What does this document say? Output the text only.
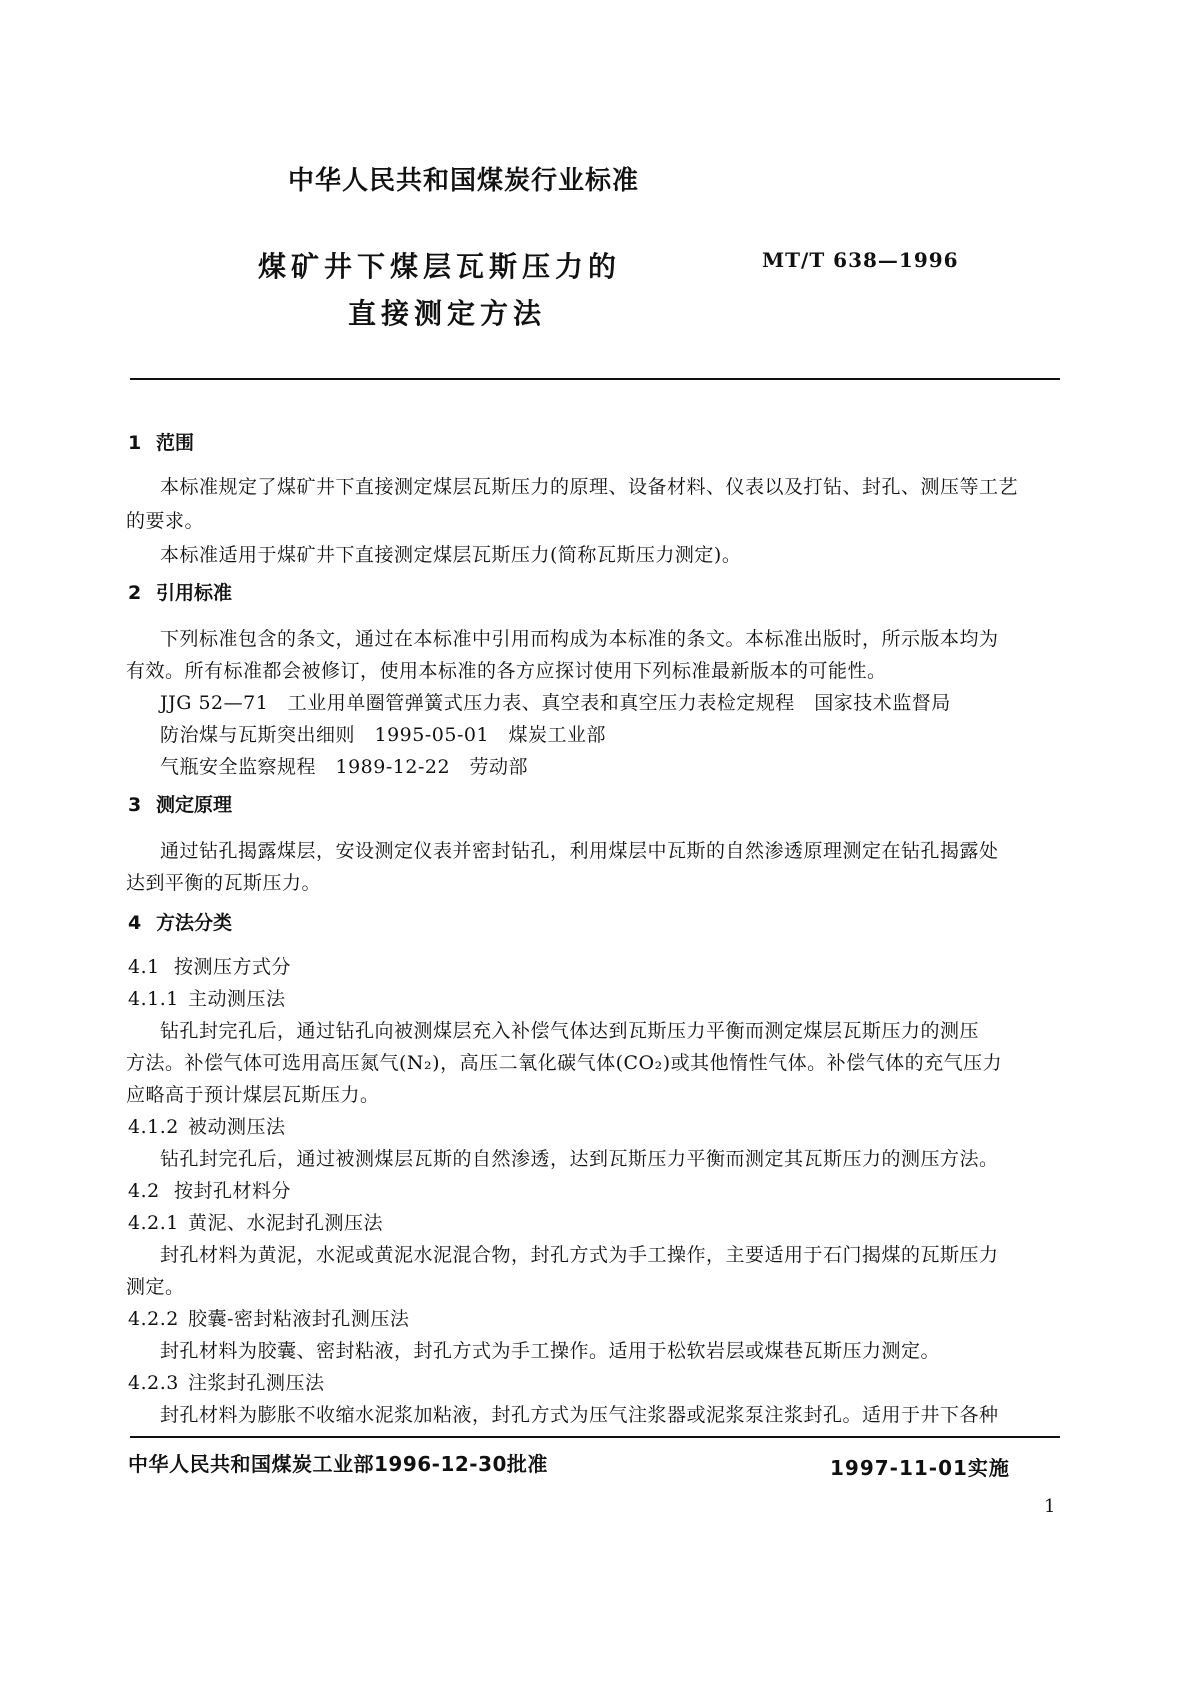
中华人民共和国煤炭行业标准
煤矿井下煤层瓦斯压力的
直接测定方法
MT/T 638—1996
1 范围
本标准规定了煤矿井下直接测定煤层瓦斯压力的原理、设备材料、仪表以及打钻、封孔、测压等工艺
的要求。
本标准适用于煤矿井下直接测定煤层瓦斯压力(简称瓦斯压力测定)。
2 引用标准
下列标准包含的条文，通过在本标准中引用而构成为本标准的条文。本标准出版时，所示版本均为
有效。所有标准都会被修订，使用本标准的各方应探讨使用下列标准最新版本的可能性。
JJG 52—71　工业用单圈管弹簧式压力表、真空表和真空压力表检定规程　国家技术监督局
防治煤与瓦斯突出细则　1995-05-01　煤炭工业部
气瓶安全监察规程　1989-12-22　劳动部
3 测定原理
通过钻孔揭露煤层，安设测定仪表并密封钻孔，利用煤层中瓦斯的自然渗透原理测定在钻孔揭露处
达到平衡的瓦斯压力。
4 方法分类
4.1 按测压方式分
4.1.1 主动测压法
钻孔封完孔后，通过钻孔向被测煤层充入补偿气体达到瓦斯压力平衡而测定煤层瓦斯压力的测压
方法。补偿气体可选用高压氮气(N₂)，高压二氧化碳气体(CO₂)或其他惰性气体。补偿气体的充气压力
应略高于预计煤层瓦斯压力。
4.1.2 被动测压法
钻孔封完孔后，通过被测煤层瓦斯的自然渗透，达到瓦斯压力平衡而测定其瓦斯压力的测压方法。
4.2 按封孔材料分
4.2.1 黄泥、水泥封孔测压法
封孔材料为黄泥，水泥或黄泥水泥混合物，封孔方式为手工操作，主要适用于石门揭煤的瓦斯压力
测定。
4.2.2 胶囊-密封粘液封孔测压法
封孔材料为胶囊、密封粘液，封孔方式为手工操作。适用于松软岩层或煤巷瓦斯压力测定。
4.2.3 注浆封孔测压法
封孔材料为膨胀不收缩水泥浆加粘液，封孔方式为压气注浆器或泥浆泵注浆封孔。适用于井下各种
中华人民共和国煤炭工业部1996-12-30批准	1997-11-01实施
1
